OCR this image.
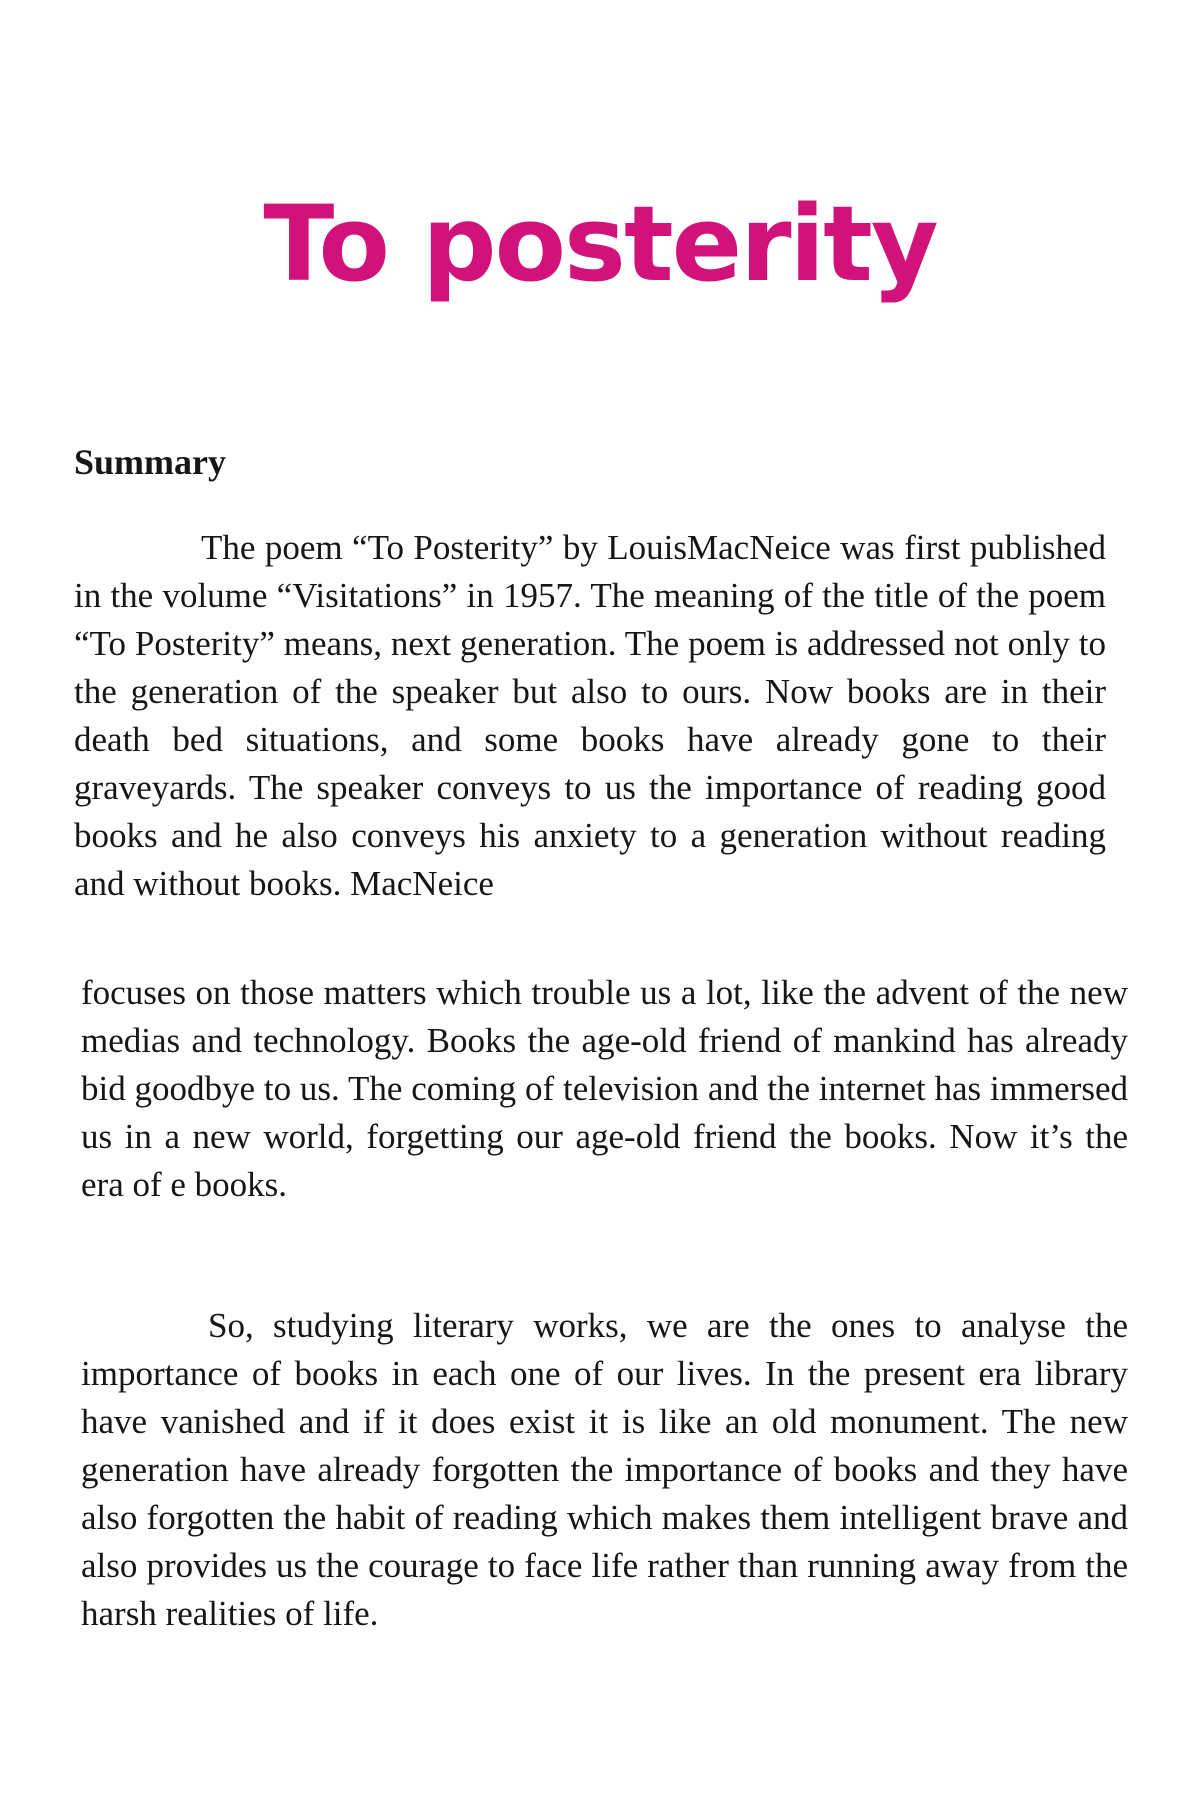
To posterity
Summary

The poem “To Posterity” by LouisMacNeice was first published in the volume “Visitations” in 1957. The meaning of the title of the poem “To Posterity” means, next generation. The poem is addressed not only to the generation of the speaker but also to ours. Now books are in their death bed situations, and some books have already gone to their graveyards. The speaker conveys to us the importance of reading good books and he also conveys his anxiety to a generation without reading and without books. MacNeice

focuses on those matters which trouble us a lot, like the advent of the new medias and technology. Books the age-old friend of mankind has already bid goodbye to us. The coming of television and the internet has immersed us in a new world, forgetting our age-old friend the books. Now it’s the era of e books.

So, studying literary works, we are the ones to analyse the importance of books in each one of our lives. In the present era library have vanished and if it does exist it is like an old monument. The new generation have already forgotten the importance of books and they have also forgotten the habit of reading which makes them intelligent brave and also provides us the courage to face life rather than running away from the harsh realities of life.
